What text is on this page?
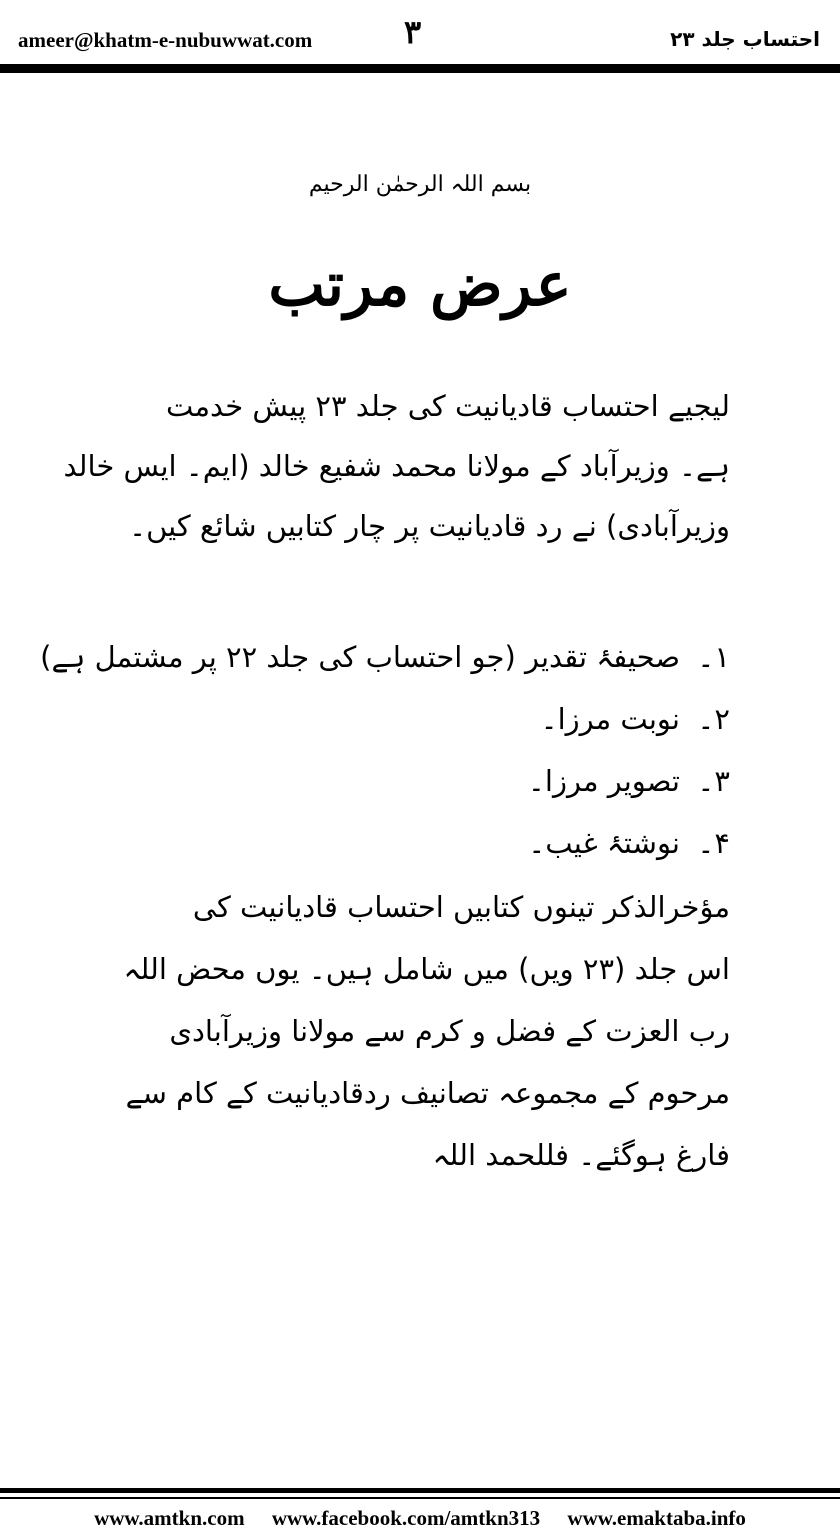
ameer@khatm-e-nubuwwat.com	۳	احتساب جلد ۲۳
بسم اللہ الرحمٰن الرحیم
عرض مرتب
لیجیے احتساب قادیانیت کی جلد ۲۳ پیش خدمت
ہے۔ وزیرآباد کے مولانا محمد شفیع خالد (ایم۔ ایس خالد
وزیرآبادی) نے رد قادیانیت پر چار کتابیں شائع کیں۔
۱۔صحیفۂ تقدیر (جو احتساب کی جلد ۲۲ پر مشتمل ہے)
۲۔نوبت مرزا۔
۳۔تصویر مرزا۔
۴۔نوشتۂ غیب۔
مؤخرالذکر تینوں کتابیں احتساب قادیانیت کی
اس جلد (۲۳ ویں) میں شامل ہیں۔ یوں محض اللہ
رب العزت کے فضل و کرم سے مولانا وزیرآبادی
مرحوم کے مجموعہ تصانیف ردقادیانیت کے کام سے
فارغ ہوگئے۔ فللحمد اللہ
www.amtkn.com www.facebook.com/amtkn313 www.emaktaba.info
